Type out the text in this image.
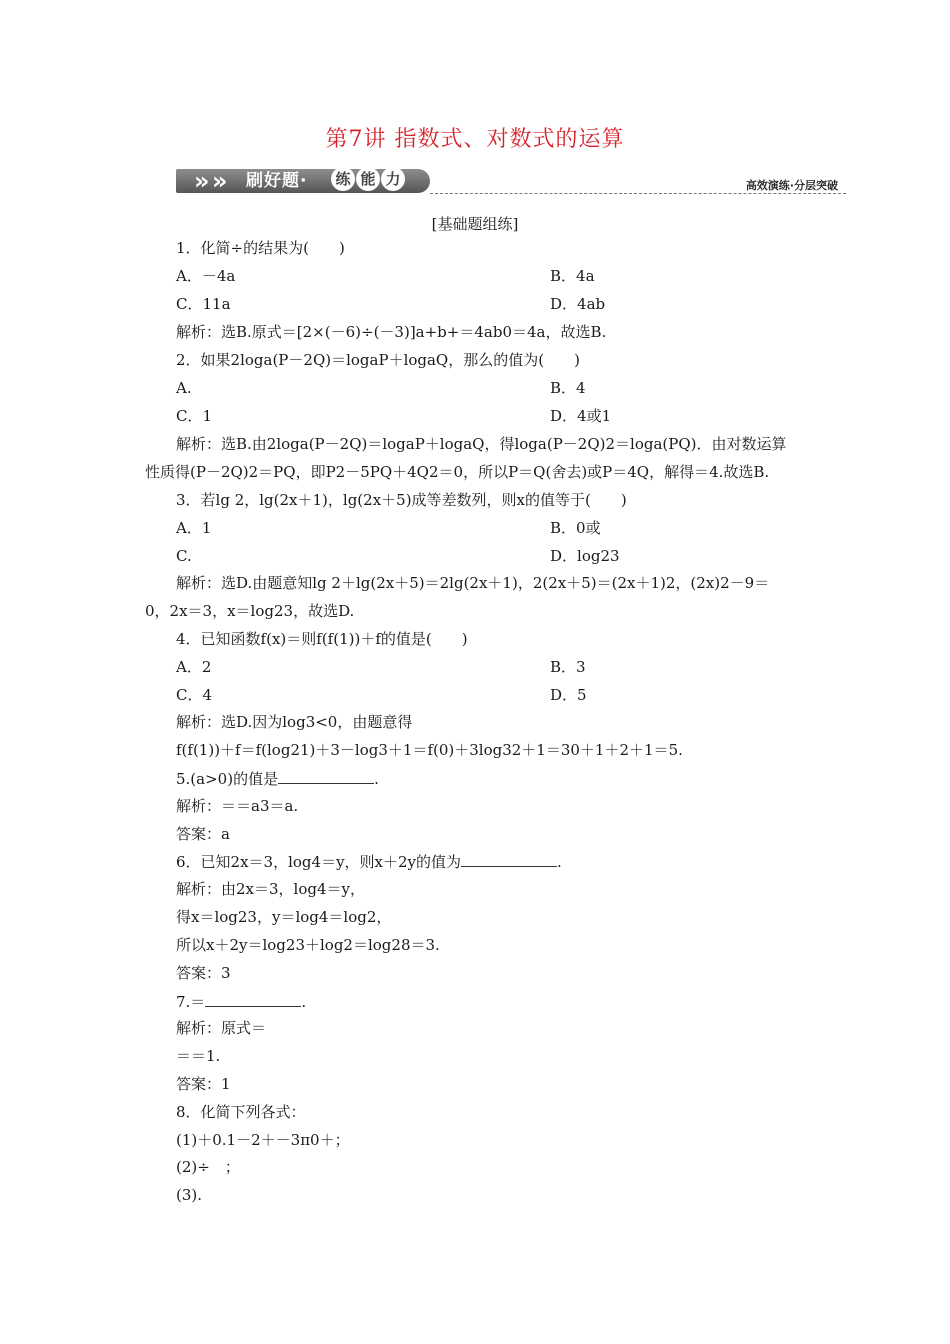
第7讲 指数式、对数式的运算
» » 刷好题· 练 能 力	高效演练·分层突破
[基础题组练]
1．化简÷的结果为(　　)
A．－4a	B．4a
C．11a	D．4ab
解析：选B.原式＝[2×(－6)÷(－3)]a+b+＝4ab0＝4a，故选B.
2．如果2loga(P－2Q)＝logaP＋logaQ，那么的值为(　　)
A.	B．4
C．1	D．4或1
解析：选B.由2loga(P－2Q)＝logaP＋logaQ，得loga(P－2Q)2＝loga(PQ)．由对数运算
性质得(P－2Q)2＝PQ，即P2－5PQ＋4Q2＝0，所以P＝Q(舍去)或P＝4Q，解得＝4.故选B.
3．若lg 2，lg(2x＋1)，lg(2x＋5)成等差数列，则x的值等于(　　)
A．1	B．0或
C.	D．log23
解析：选D.由题意知lg 2＋lg(2x＋5)＝2lg(2x＋1)，2(2x＋5)＝(2x＋1)2，(2x)2－9＝
0，2x＝3，x＝log23，故选D.
4．已知函数f(x)＝则f(f(1))＋f的值是(　　)
A．2	B．3
C．4	D．5
解析：选D.因为log3<0，由题意得
f(f(1))＋f＝f(log21)＋3－log3＋1＝f(0)＋3log32＋1＝30＋1＋2＋1＝5.
5.(a>0)的值是	.
解析：＝＝a3＝a.
答案：a
6．已知2x＝3，log4＝y，则x＋2y的值为	.
解析：由2x＝3，log4＝y，
得x＝log23，y＝log4＝log2，
所以x＋2y＝log23＋log2＝log28＝3.
答案：3
7.＝	.
解析：原式＝
＝＝1.
答案：1
8．化简下列各式：
(1)＋0.1－2＋－3π0＋；
(2)÷　；
(3).
